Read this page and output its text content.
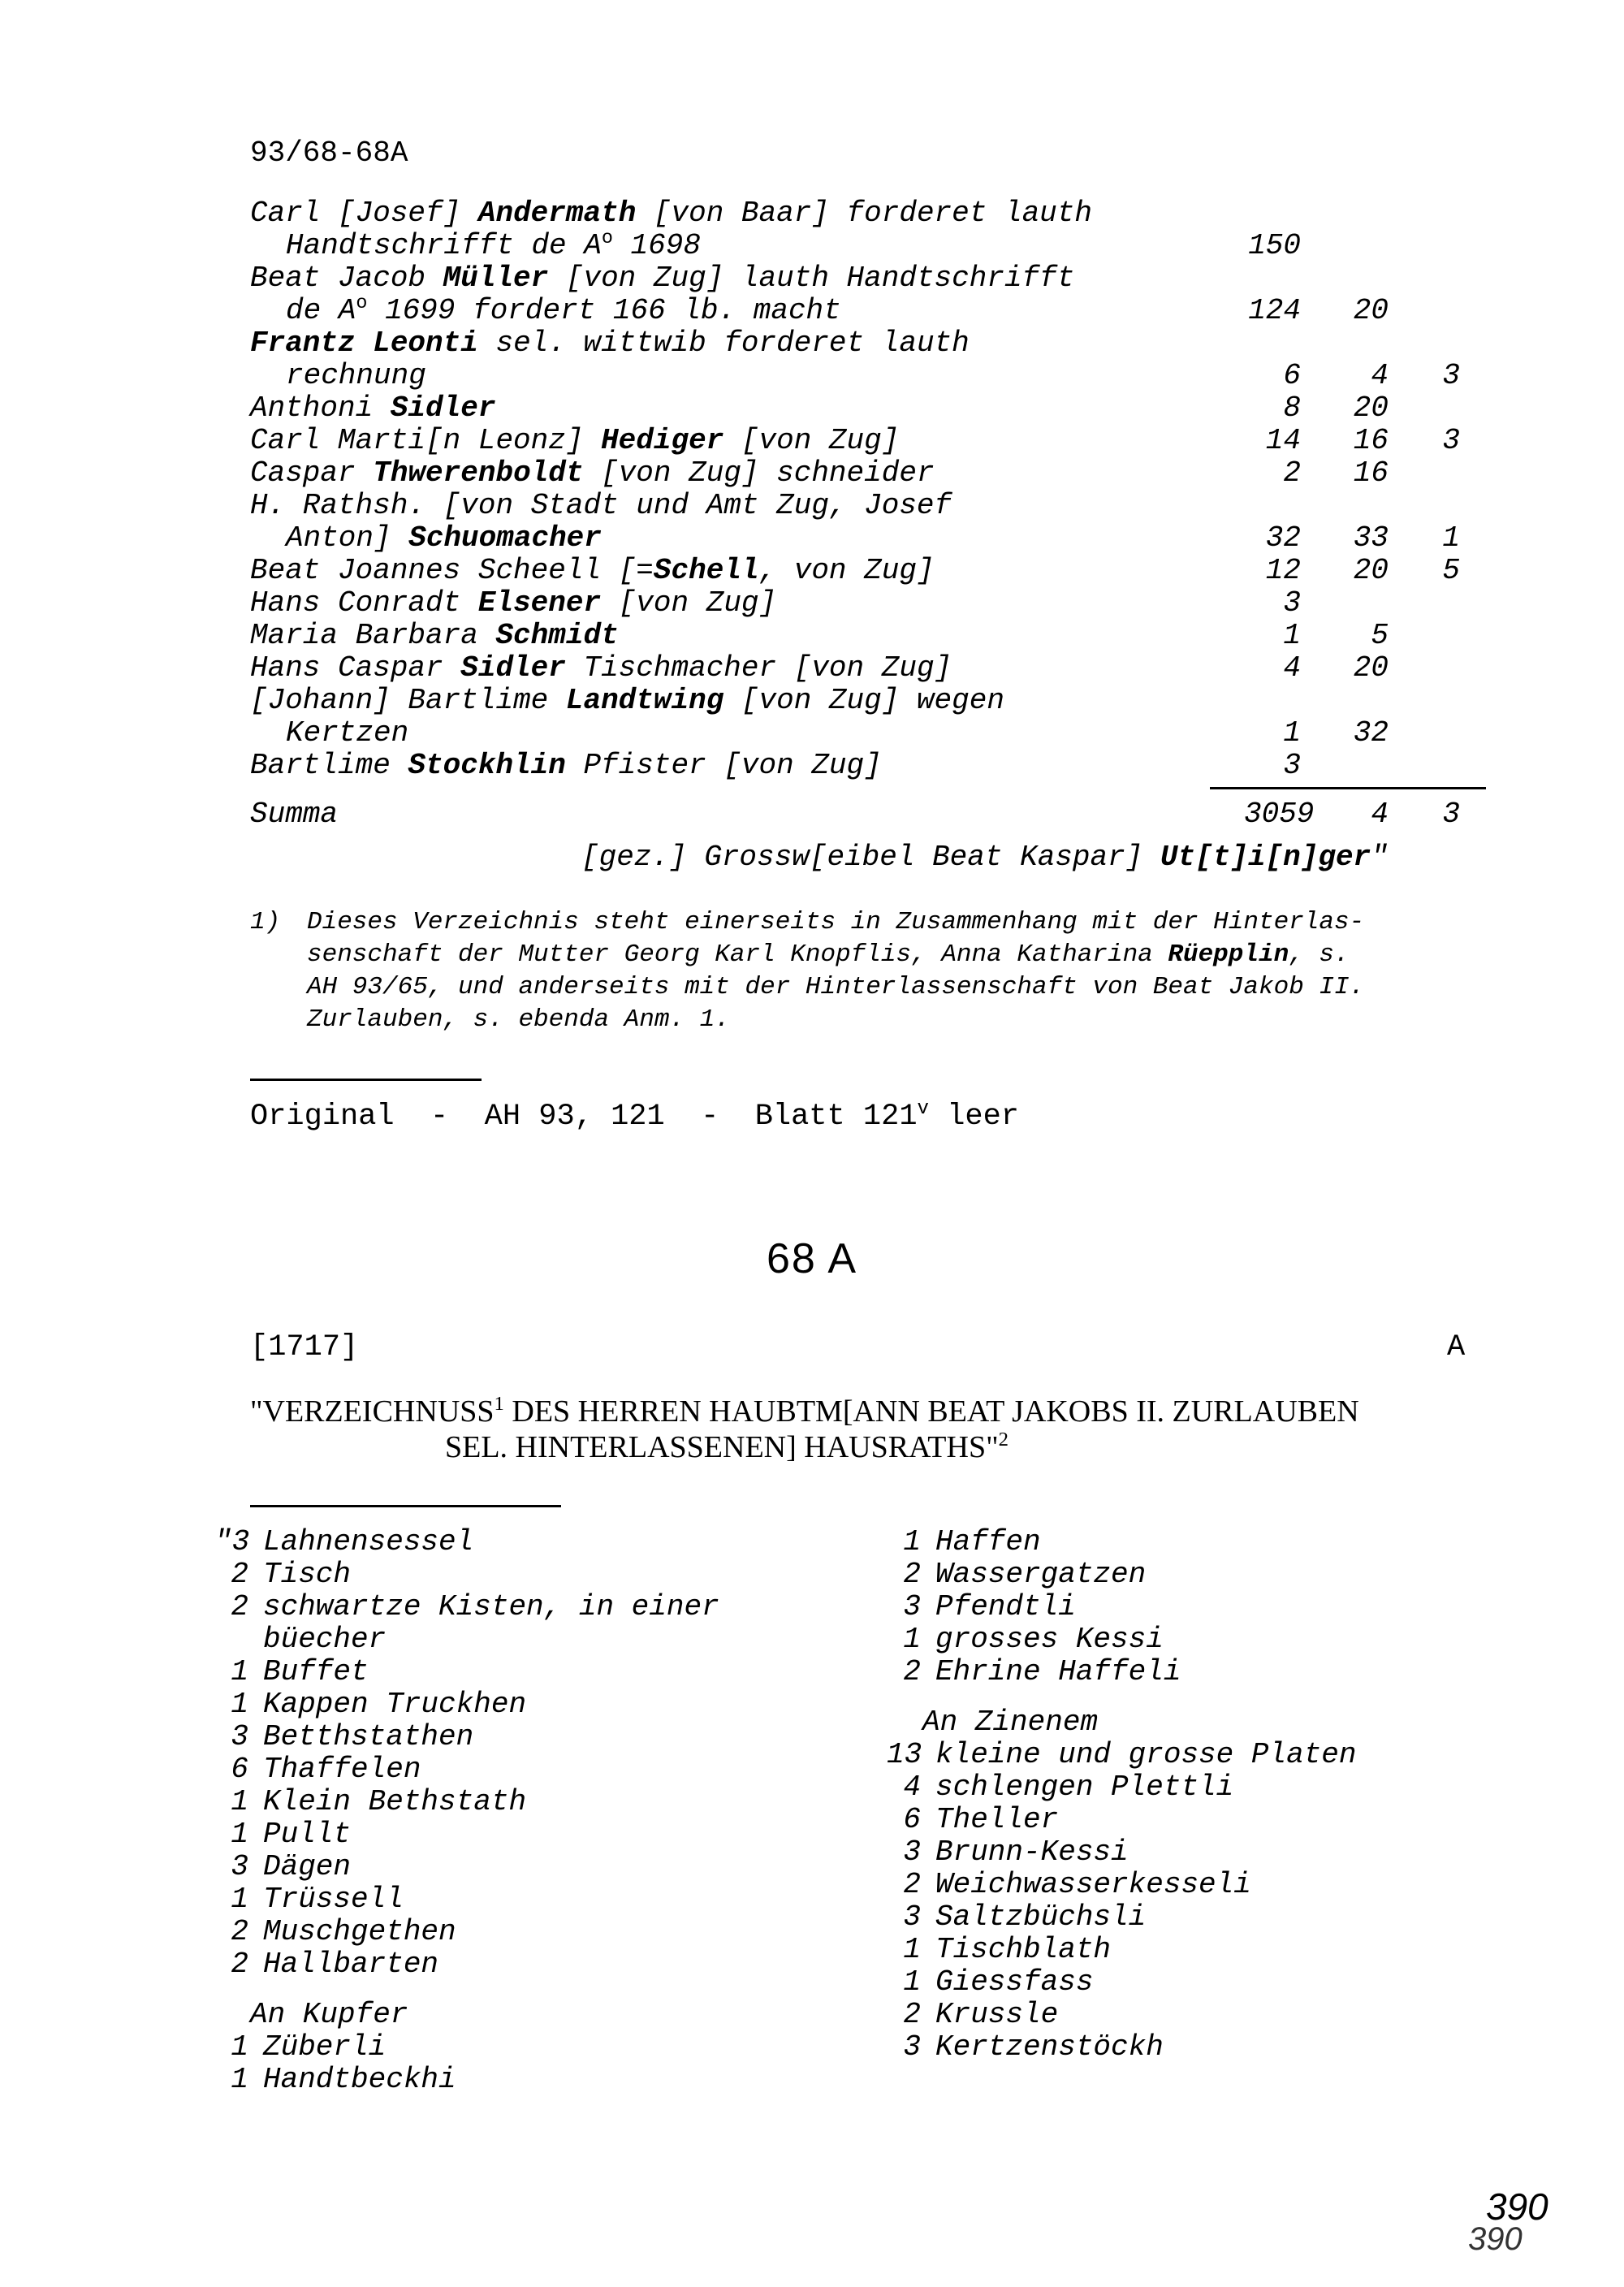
93/68-68A
Carl [Josef] Andermath [von Baar] forderet lauth
Handtschrifft de $A^o$ 1698	150
Beat Jacob Müller [von Zug] lauth Handtschrifft
de $A^o$ 1699 fordert 166 lb. macht	124	20
Frantz Leonti sel. wittwib forderet lauth
rechnung	6	4	3
Anthoni Sidler	8	20
Carl Marti[n Leonz] Hediger [von Zug]	14	16	3
Caspar Thwerenboldt [von Zug] schneider	2	16
H. Rathsh. [von Stadt und Amt Zug, Josef
Anton] Schuomacher	32	33	1
Beat Joannes Scheell [=Schell, von Zug]	12	20	5
Hans Conradt Elsener [von Zug]	3
Maria Barbara Schmidt	1	5
Hans Caspar Sidler Tischmacher [von Zug]	4	20
[Johann] Bartlime Landtwing [von Zug] wegen
Kertzen	1	32
Bartlime Stockhlin Pfister [von Zug]	3
Summa	3059	4	3
[gez.] Grossw[eibel Beat Kaspar] Ut[t]i[n]ger"
1) Dieses Verzeichnis steht einerseits in Zusammenhang mit der Hinterlas-
senschaft der Mutter Georg Karl Knopflis, Anna Katharina Rüepplin, s.
AH 93/65, und anderseits mit der Hinterlassenschaft von Beat Jakob II.
Zurlauben, s. ebenda Anm. 1.
Original  -  AH 93, 121  -  Blatt 121$^v$ leer
68 A
[1717]	A
"VERZEICHNUSS$^1$ DES HERREN HAUBTM[ANN BEAT JAKOBS II. ZURLAUBEN
SEL. HINTERLASSENEN] HAUSRATHS"$^2$
"3 Lahnensessel
2 Tisch
2 schwartze Kisten, in einer
büecher
1 Buffet
1 Kappen Truckhen
3 Betthstathen
6 Thaffelen
1 Klein Bethstath
1 Pullt
3 Dägen
1 Trüssell
2 Muschgethen
2 Hallbarten
An Kupfer
1 Züberli
1 Handtbeckhi
1 Haffen
2 Wassergatzen
3 Pfendtli
1 grosses Kessi
2 Ehrine Haffeli
An Zinenem
13 kleine und grosse Platen
4 schlengen Plettli
6 Theller
3 Brunn-Kessi
2 Weichwasserkesseli
3 Saltzbüchsli
1 Tischblath
1 Giessfass
2 Krussle
3 Kertzenstöckh
390
390
